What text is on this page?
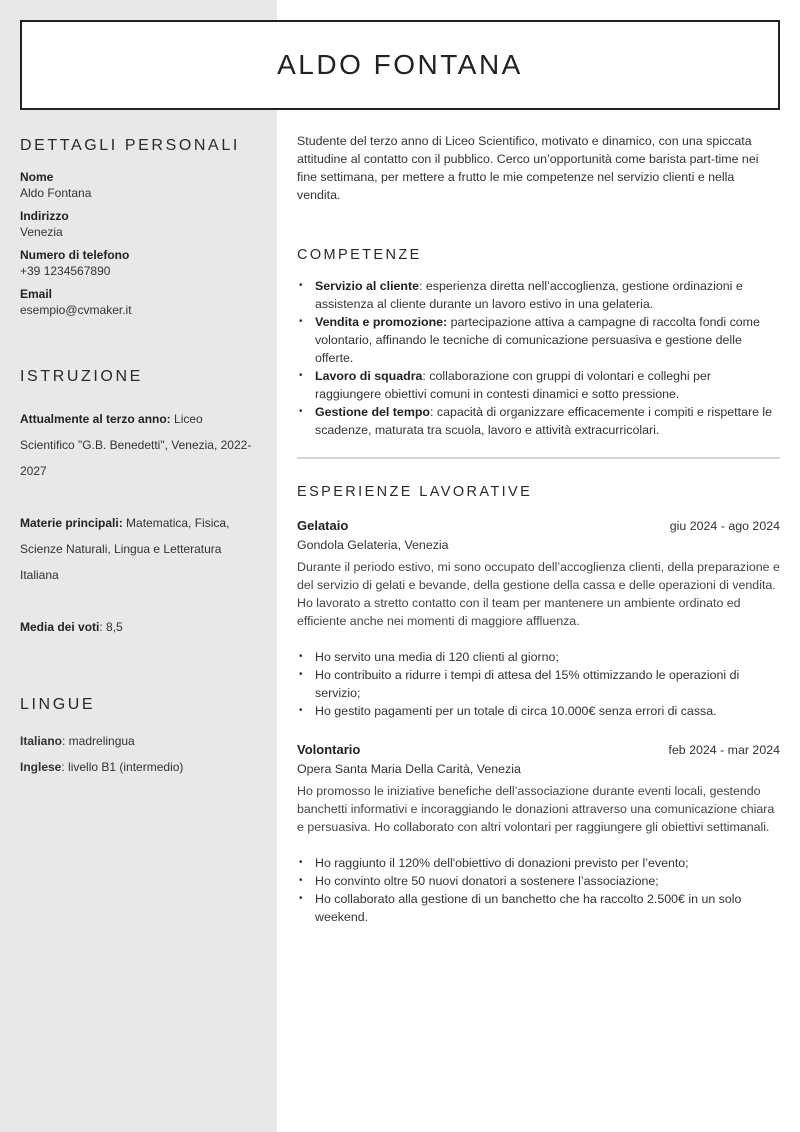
ALDO FONTANA
DETTAGLI PERSONALI
Nome
Aldo Fontana
Indirizzo
Venezia
Numero di telefono
+39 1234567890
Email
esempio@cvmaker.it
ISTRUZIONE

Attualmente al terzo anno: Liceo Scientifico "G.B. Benedetti", Venezia, 2022-2027

Materie principali: Matematica, Fisica, Scienze Naturali, Lingua e Letteratura Italiana

Media dei voti: 8,5

LINGUE

Italiano: madrelingua

Inglese: livello B1 (intermedio)

Studente del terzo anno di Liceo Scientifico, motivato e dinamico, con una spiccata attitudine al contatto con il pubblico. Cerco un’opportunità come barista part-time nei fine settimana, per mettere a frutto le mie competenze nel servizio clienti e nella vendita.

COMPETENZE
• Servizio al cliente: esperienza diretta nell’accoglienza, gestione ordinazioni e assistenza al cliente durante un lavoro estivo in una gelateria.
• Vendita e promozione: partecipazione attiva a campagne di raccolta fondi come volontario, affinando le tecniche di comunicazione persuasiva e gestione delle offerte.
• Lavoro di squadra: collaborazione con gruppi di volontari e colleghi per raggiungere obiettivi comuni in contesti dinamici e sotto pressione.
• Gestione del tempo: capacità di organizzare efficacemente i compiti e rispettare le scadenze, maturata tra scuola, lavoro e attività extracurricolari.
ESPERIENZE LAVORATIVE
Gelataio	giu 2024 - ago 2024
Gondola Gelateria, Venezia

Durante il periodo estivo, mi sono occupato dell’accoglienza clienti, della preparazione e del servizio di gelati e bevande, della gestione della cassa e delle operazioni di vendita. Ho lavorato a stretto contatto con il team per mantenere un ambiente ordinato ed efficiente anche nei momenti di maggiore affluenza.

• Ho servito una media di 120 clienti al giorno;
• Ho contribuito a ridurre i tempi di attesa del 15% ottimizzando le operazioni di servizio;
• Ho gestito pagamenti per un totale di circa 10.000€ senza errori di cassa.
Volontario	feb 2024 - mar 2024
Opera Santa Maria Della Carità, Venezia

Ho promosso le iniziative benefiche dell’associazione durante eventi locali, gestendo banchetti informativi e incoraggiando le donazioni attraverso una comunicazione chiara e persuasiva. Ho collaborato con altri volontari per raggiungere gli obiettivi settimanali.

• Ho raggiunto il 120% dell'obiettivo di donazioni previsto per l’evento;
• Ho convinto oltre 50 nuovi donatori a sostenere l’associazione;
• Ho collaborato alla gestione di un banchetto che ha raccolto 2.500€ in un solo weekend.
